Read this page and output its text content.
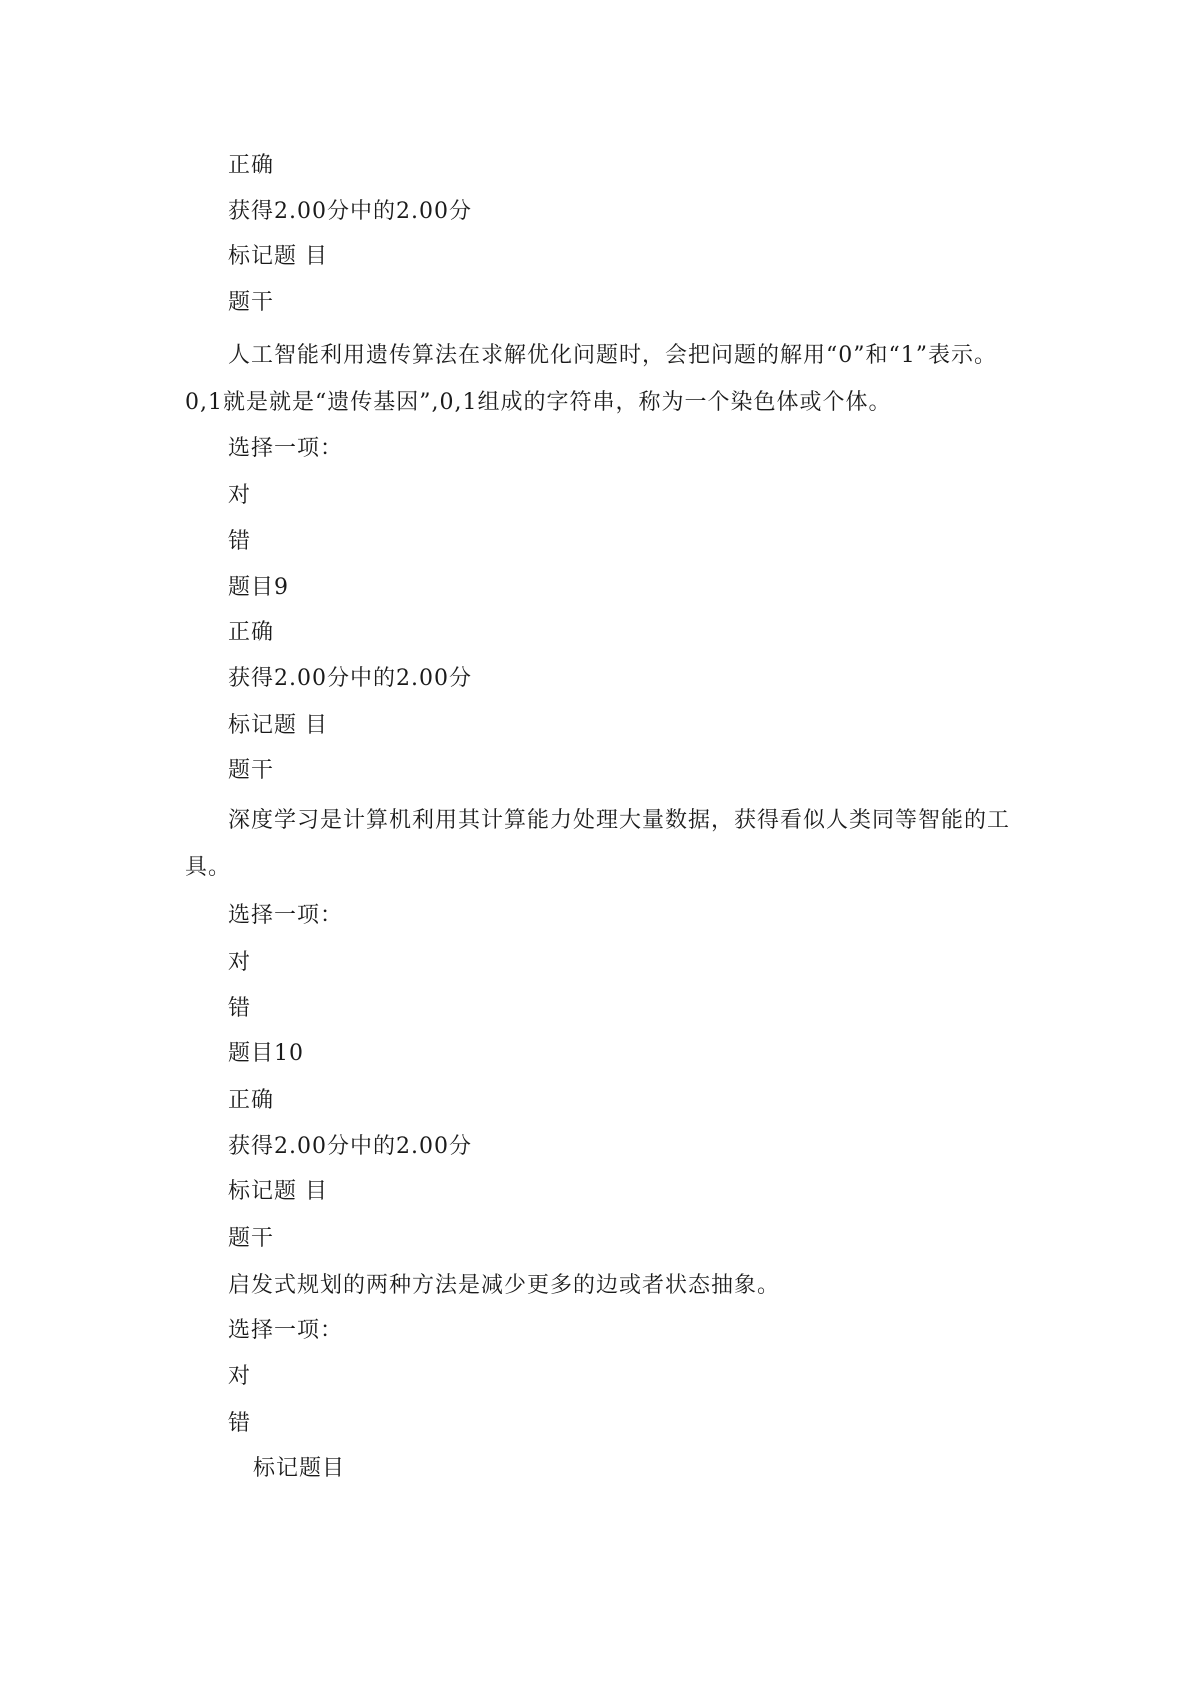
正确
获得2.00分中的2.00分
标记题 目
题干
人工智能利用遗传算法在求解优化问题时，会把问题的解用“0”和“1”表示。0,1就是就是“遗传基因”,0,1组成的字符串，称为一个染色体或个体。
选择一项：
对
错
题目9
正确
获得2.00分中的2.00分
标记题 目
题干
深度学习是计算机利用其计算能力处理大量数据，获得看似人类同等智能的工具。
选择一项：
对
错
题目10
正确
获得2.00分中的2.00分
标记题 目
题干
启发式规划的两种方法是减少更多的边或者状态抽象。
选择一项：
对
错
标记题目
